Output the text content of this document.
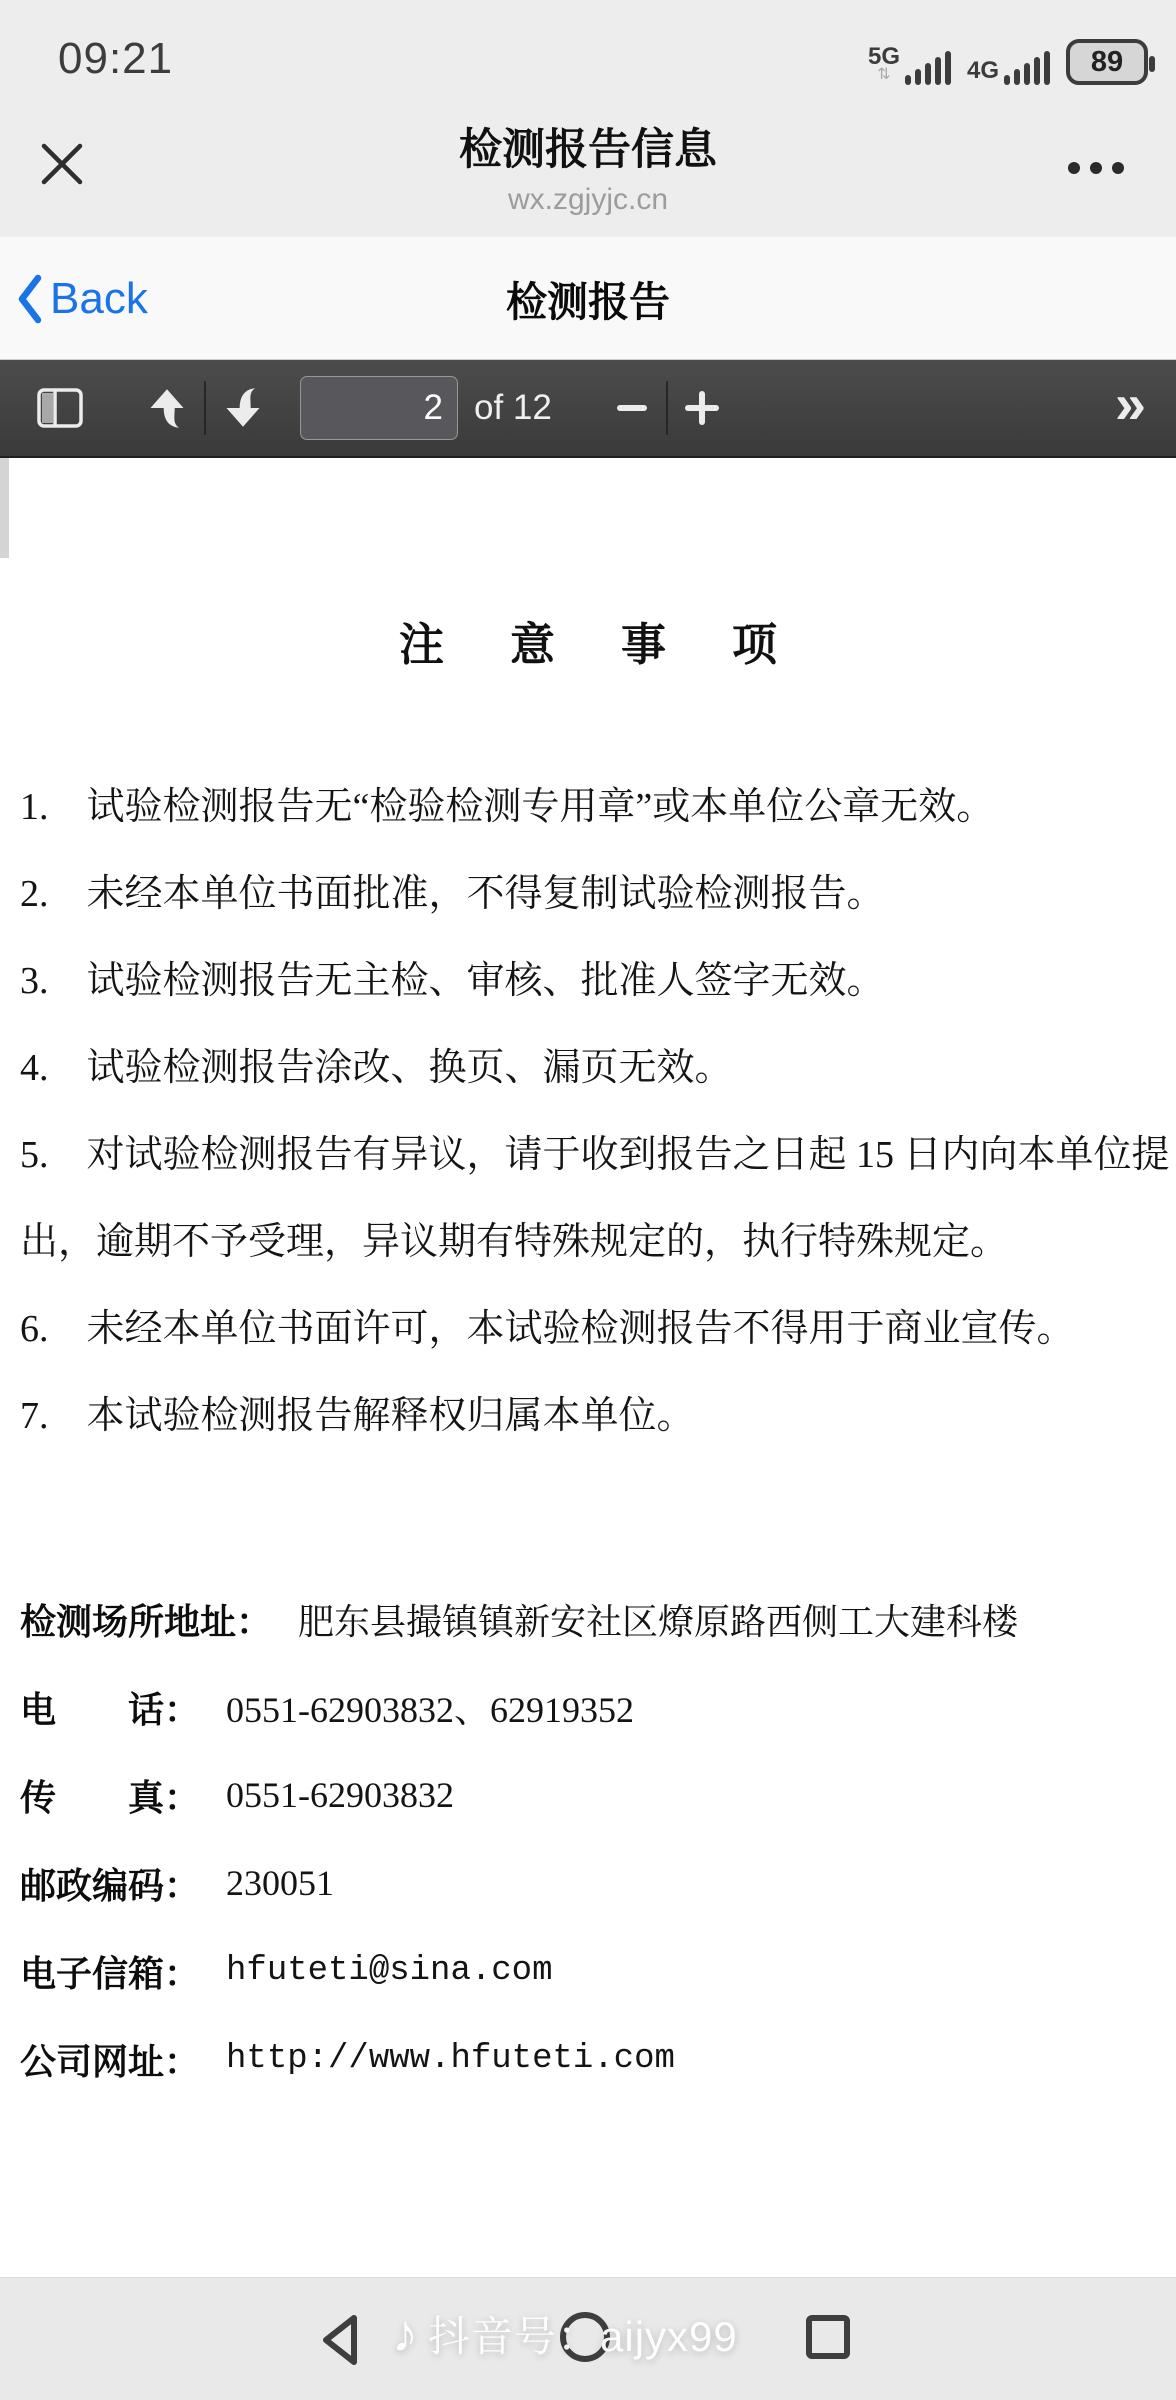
09:21	5G
⇅	4G	89
检测报告信息
wx.zgjyjc.cn
Back	检测报告
2
of 12	»
注意事项
1.　试验检测报告无“检验检测专用章”或本单位公章无效。
2.　未经本单位书面批准，不得复制试验检测报告。
3.　试验检测报告无主检、审核、批准人签字无效。
4.　试验检测报告涂改、换页、漏页无效。
5.　对试验检测报告有异议，请于收到报告之日起 15 日内向本单位提
出，逾期不予受理，异议期有特殊规定的，执行特殊规定。
6.　未经本单位书面许可，本试验检测报告不得用于商业宣传。
7.　本试验检测报告解释权归属本单位。
检测场所地址： 肥东县撮镇镇新安社区燎原路西侧工大建科楼
电　　话： 0551-62903832、62919352
传　　真： 0551-62903832
邮政编码： 230051
电子信箱： hfuteti@sina.com
公司网址： http://www.hfuteti.com
♪ 抖音号：aijyx99
